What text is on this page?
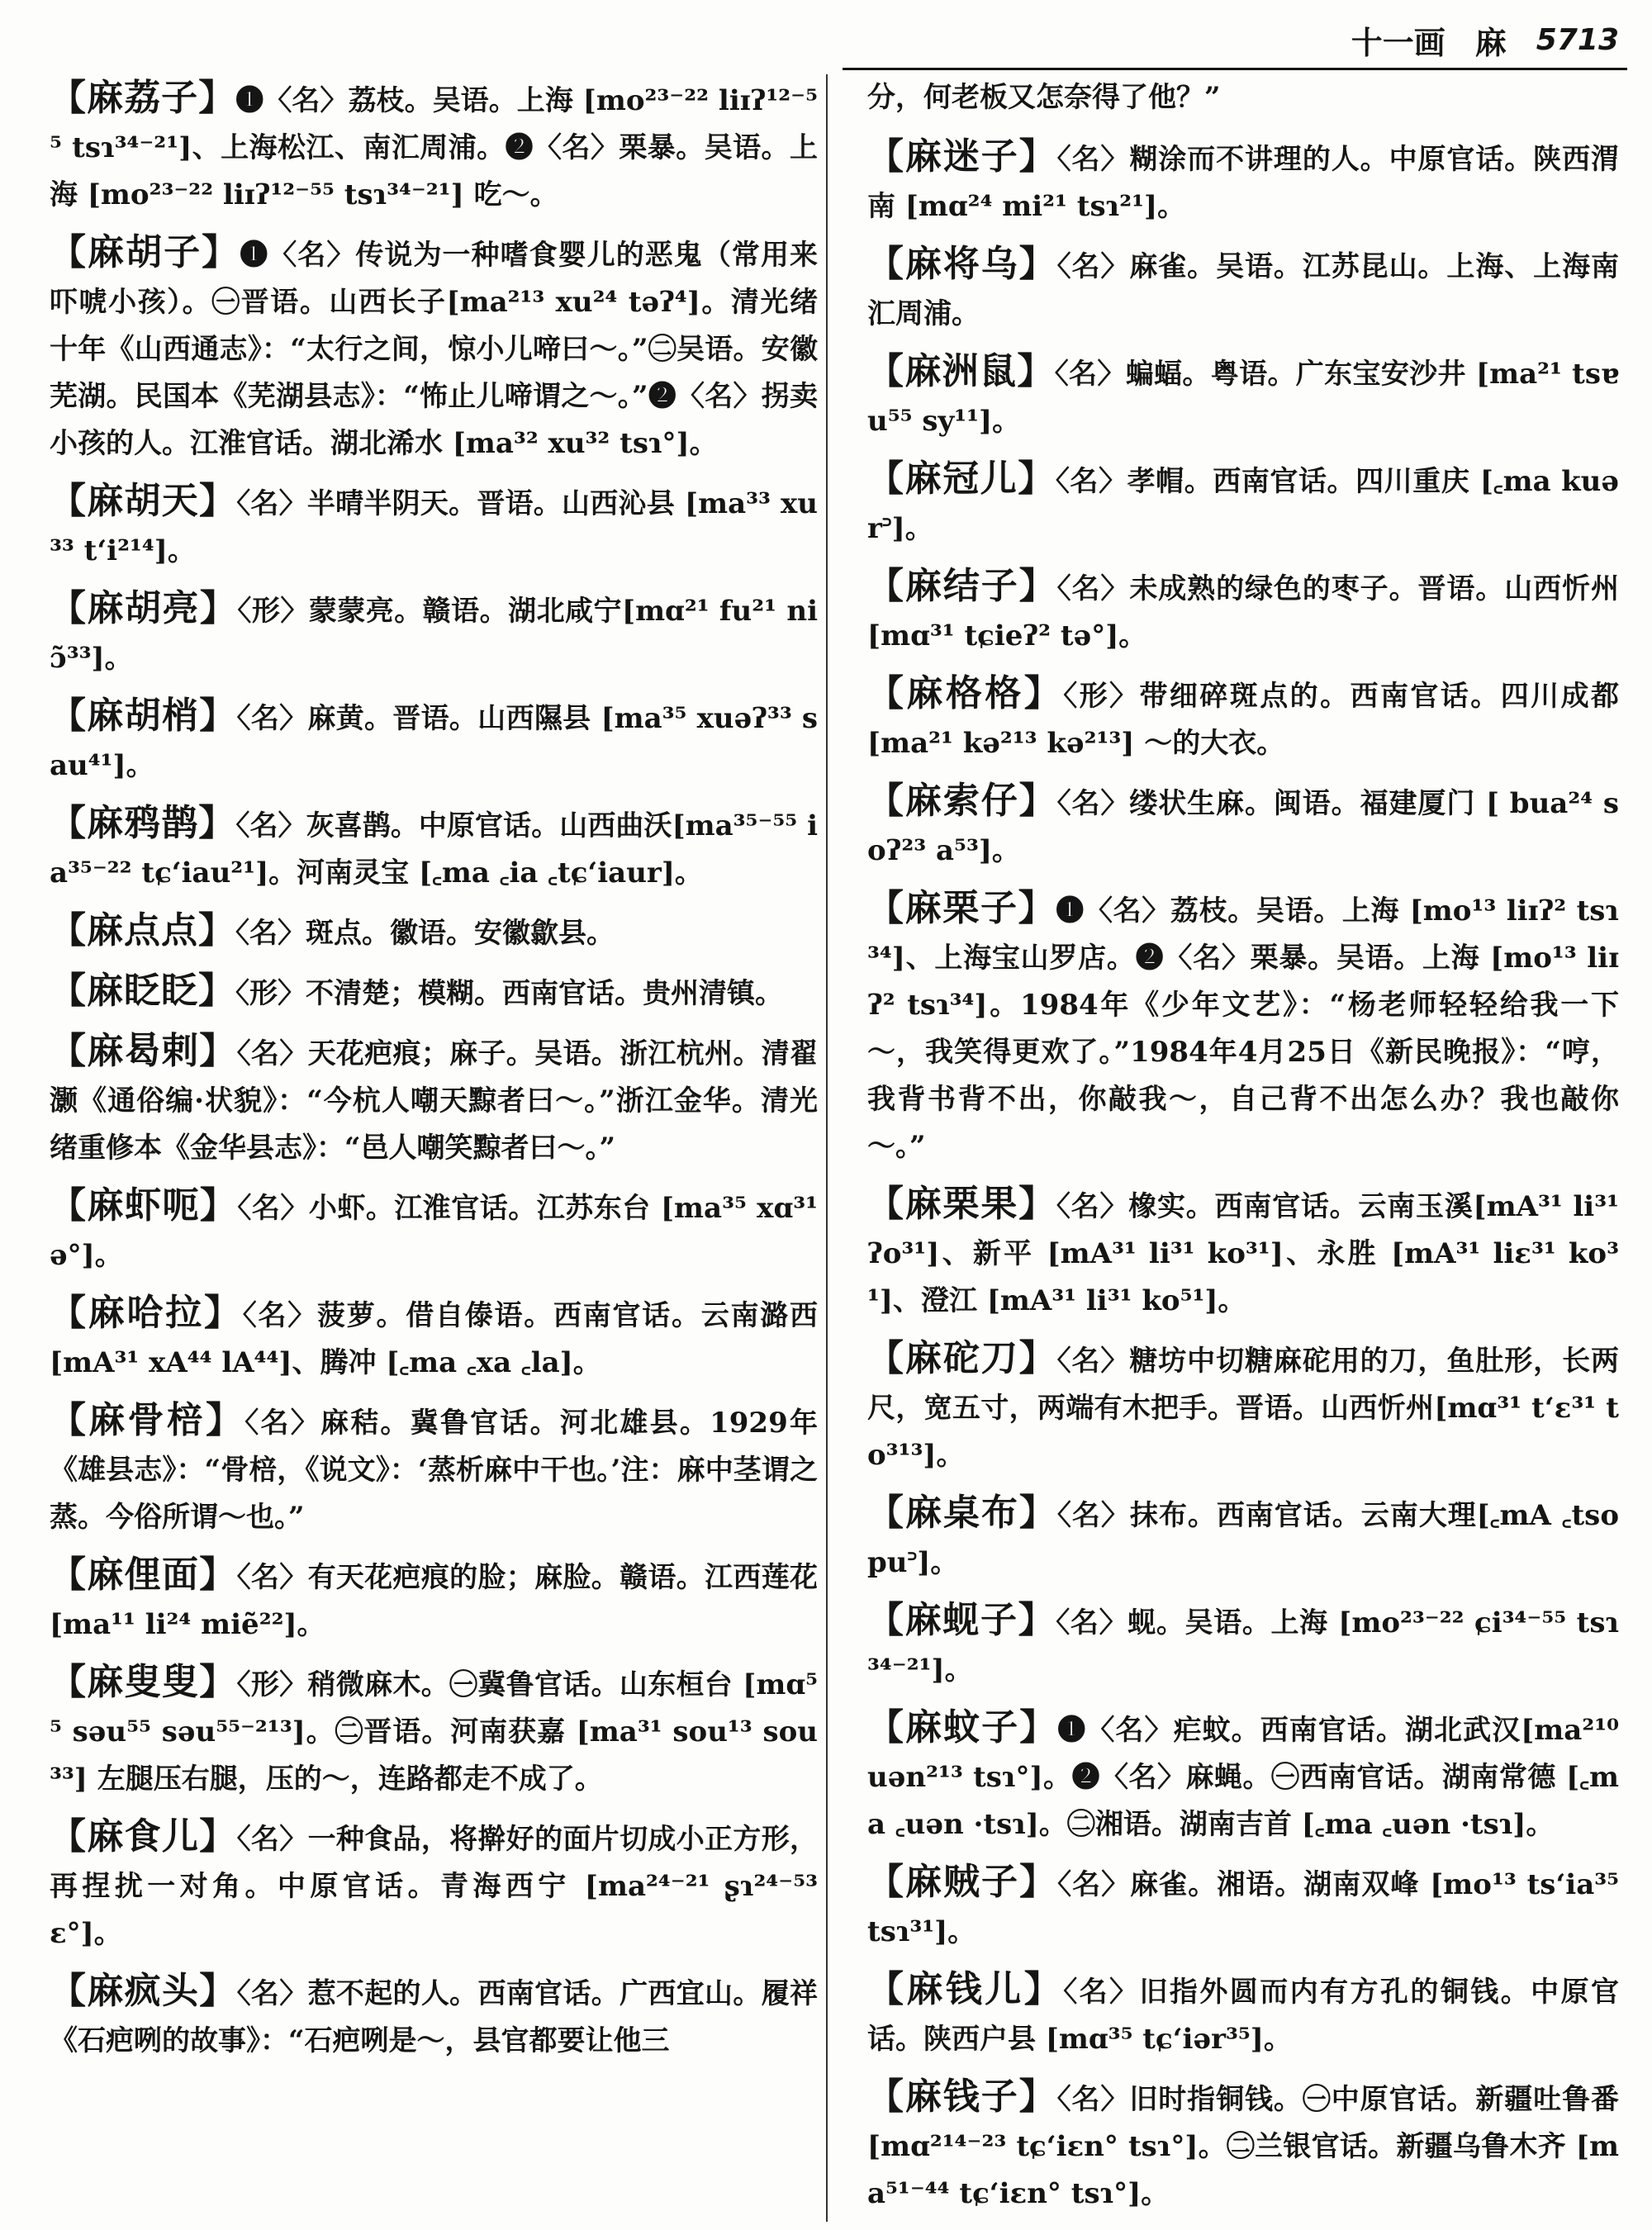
十一画 麻 5713

【麻荔子】❶〈名〉荔枝。吴语。上海 [mo²³⁻²² liɪʔ¹²⁻⁵⁵ tsɿ³⁴⁻²¹]、上海松江、南汇周浦。❷〈名〉栗暴。吴语。上海 [mo²³⁻²² liɪʔ¹²⁻⁵⁵ tsɿ³⁴⁻²¹] 吃～。

【麻胡子】❶〈名〉传说为一种嗜食婴儿的恶鬼（常用来吓唬小孩）。㊀晋语。山西长子[ma²¹³ xu²⁴ təʔ⁴]。清光绪十年《山西通志》：“太行之间，惊小儿啼曰～。”㊁吴语。安徽芜湖。民国本《芜湖县志》：“怖止儿啼谓之～。”❷〈名〉拐卖小孩的人。江淮官话。湖北浠水 [ma³² xu³² tsɿ°]。

【麻胡天】〈名〉半晴半阴天。晋语。山西沁县 [ma³³ xu³³ tʻi²¹⁴]。

【麻胡亮】〈形〉蒙蒙亮。赣语。湖北咸宁[mɑ²¹ fu²¹ niɔ̃³³]。

【麻胡梢】〈名〉麻黄。晋语。山西隰县 [ma³⁵ xuəʔ³³ sau⁴¹]。

【麻鸦鹊】〈名〉灰喜鹊。中原官话。山西曲沃[ma³⁵⁻⁵⁵ ia³⁵⁻²² tɕʻiau²¹]。河南灵宝 [꜀ma ꜀ia ꜀tɕʻiaur]。

【麻点点】〈名〉斑点。徽语。安徽歙县。

【麻眨眨】〈形〉不清楚；模糊。西南官话。贵州清镇。

【麻曷剌】〈名〉天花疤痕；麻子。吴语。浙江杭州。清翟灏《通俗编·状貌》：“今杭人嘲天黥者曰～。”浙江金华。清光绪重修本《金华县志》：“邑人嘲笑黥者曰～。”

【麻虾呃】〈名〉小虾。江淮官话。江苏东台 [ma³⁵ xɑ³¹ ə°]。

【麻哈拉】〈名〉菠萝。借自傣语。西南官话。云南潞西 [mA³¹ xA⁴⁴ lA⁴⁴]、腾冲 [꜀ma ꜀xa ꜀la]。

【麻骨棓】〈名〉麻秸。冀鲁官话。河北雄县。1929年《雄县志》：“骨棓，《说文》：‘蒸析麻中干也。’注：麻中茎谓之蒸。今俗所谓～也。”

【麻俚面】〈名〉有天花疤痕的脸；麻脸。赣语。江西莲花 [ma¹¹ li²⁴ miẽ²²]。

【麻叟叟】〈形〉稍微麻木。㊀冀鲁官话。山东桓台 [mɑ⁵⁵ səu⁵⁵ səu⁵⁵⁻²¹³]。㊁晋语。河南获嘉 [ma³¹ sou¹³ sou³³] 左腿压右腿，压的～，连路都走不成了。

【麻食儿】〈名〉一种食品，将擀好的面片切成小正方形，再捏扰一对角。中原官话。青海西宁 [ma²⁴⁻²¹ ʂɿ²⁴⁻⁵³ ɛ°]。

【麻疯头】〈名〉惹不起的人。西南官话。广西宜山。履祥《石疤咧的故事》：“石疤咧是～，县官都要让他三

分，何老板又怎奈得了他？”

【麻迷子】〈名〉糊涂而不讲理的人。中原官话。陕西渭南 [mɑ²⁴ mi²¹ tsɿ²¹]。

【麻将乌】〈名〉麻雀。吴语。江苏昆山。上海、上海南汇周浦。

【麻洲鼠】〈名〉蝙蝠。粤语。广东宝安沙井 [ma²¹ tsɐu⁵⁵ sy¹¹]。

【麻冠儿】〈名〉孝帽。西南官话。四川重庆 [꜀ma kuər꜄]。

【麻结子】〈名〉未成熟的绿色的枣子。晋语。山西忻州 [mɑ³¹ tɕieʔ² tə°]。

【麻格格】〈形〉带细碎斑点的。西南官话。四川成都 [ma²¹ kə²¹³ kə²¹³] ～的大衣。

【麻索仔】〈名〉缕状生麻。闽语。福建厦门 [ bua²⁴ soʔ²³ a⁵³]。

【麻栗子】❶〈名〉荔枝。吴语。上海 [mo¹³ liɪʔ² tsɿ³⁴]、上海宝山罗店。❷〈名〉栗暴。吴语。上海 [mo¹³ liɪʔ² tsɿ³⁴]。1984年《少年文艺》：“杨老师轻轻给我一下～，我笑得更欢了。”1984年4月25日《新民晚报》：“哼，我背书背不出，你敲我～，自己背不出怎么办？我也敲你～。”

【麻栗果】〈名〉橡实。西南官话。云南玉溪[mA³¹ li³¹ ʔo³¹]、新平 [mA³¹ li³¹ ko³¹]、永胜 [mA³¹ liɛ³¹ ko³¹]、澄江 [mA³¹ li³¹ ko⁵¹]。

【麻砣刀】〈名〉糖坊中切糖麻砣用的刀，鱼肚形，长两尺，宽五寸，两端有木把手。晋语。山西忻州[mɑ³¹ tʻɛ³¹ to³¹³]。

【麻桌布】〈名〉抹布。西南官话。云南大理[꜀mA ꜀tso pu꜄]。

【麻蚬子】〈名〉蚬。吴语。上海 [mo²³⁻²² ɕi³⁴⁻⁵⁵ tsɿ³⁴⁻²¹]。

【麻蚊子】❶〈名〉疟蚊。西南官话。湖北武汉[ma²¹⁰ uən²¹³ tsɿ°]。❷〈名〉麻蝇。㊀西南官话。湖南常德 [꜀ma ꜀uən ·tsɿ]。㊁湘语。湖南吉首 [꜀ma ꜀uən ·tsɿ]。

【麻贼子】〈名〉麻雀。湘语。湖南双峰 [mo¹³ tsʻia³⁵ tsɿ³¹]。

【麻钱儿】〈名〉旧指外圆而内有方孔的铜钱。中原官话。陕西户县 [mɑ³⁵ tɕʻiər³⁵]。

【麻钱子】〈名〉旧时指铜钱。㊀中原官话。新疆吐鲁番 [mɑ²¹⁴⁻²³ tɕʻiɛn° tsɿ°]。㊁兰银官话。新疆乌鲁木齐 [ma⁵¹⁻⁴⁴ tɕʻiɛn° tsɿ°]。
